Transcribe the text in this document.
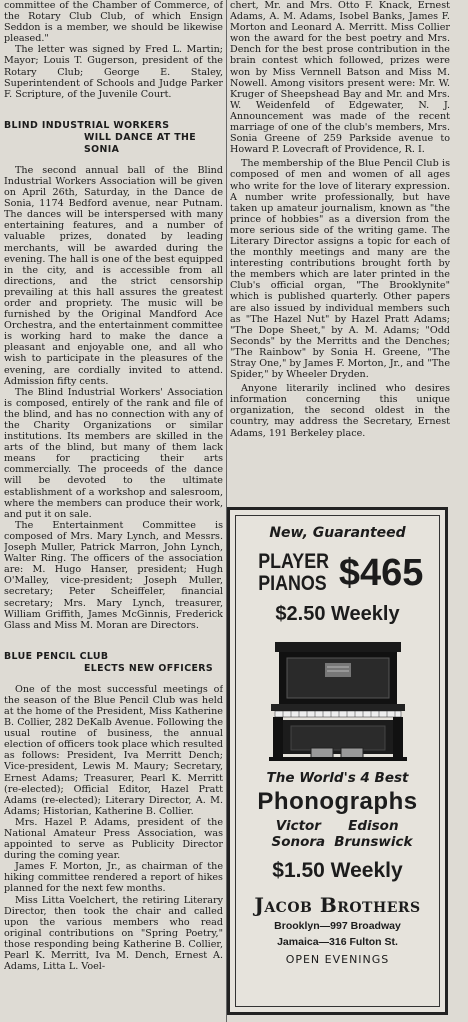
committee of the Chamber of Commerce, of the Rotary Club Club, of which Ensign Seddon is a member, we should be likewise pleased."

The letter was signed by Fred L. Martin; Mayor; Louis T. Gugerson, president of the Rotary Club; George E. Staley, Superintendent of Schools and Judge Parker F. Scripture, of the Juvenile Court.

BLIND INDUSTRIAL WORKERS
WILL DANCE AT THE SONIA

The second annual ball of the Blind Industrial Workers Association will be given on April 26th, Saturday, in the Dance de Sonia, 1174 Bedford avenue, near Putnam. The dances will be interspersed with many entertaining features, and a number of valuable prizes, donated by leading merchants, will be awarded during the evening. The hall is one of the best equipped in the city, and is accessible from all directions, and the strict censorship prevailing at this hall assures the greatest order and propriety. The music will be furnished by the Original Mandford Ace Orchestra, and the entertainment committee is working hard to make the dance a pleasant and enjoyable one, and all who wish to participate in the pleasures of the evening, are cordially invited to attend. Admission fifty cents.

The Blind Industrial Workers' Association is composed, entirely of the rank and file of the blind, and has no connection with any of the Charity Organizations or similar institutions. Its members are skilled in the arts of the blind, but many of them lack means for practicing their arts commercially. The proceeds of the dance will be devoted to the ultimate establishment of a workshop and salesroom, where the members can produce their work, and put it on sale.

The Entertainment Committee is composed of Mrs. Mary Lynch, and Messrs. Joseph Muller, Patrick Marron, John Lynch, Walter Ring. The officers of the association are: M. Hugo Hanser, president; Hugh O'Malley, vice-president; Joseph Muller, secretary; Peter Scheiffeler, financial secretary; Mrs. Mary Lynch, treasurer, William Griffith, James McGinnis, Frederick Glass and Miss M. Moran are Directors.

BLUE PENCIL CLUB
ELECTS NEW OFFICERS

One of the most successful meetings of the season of the Blue Pencil Club was held at the home of the President, Miss Katherine B. Collier, 282 DeKalb Avenue. Following the usual routine of business, the annual election of officers took place which resulted as follows: President, Iva Merritt Dench; Vice-president, Lewis M. Maury; Secretary, Ernest Adams; Treasurer, Pearl K. Merritt (re-elected); Official Editor, Hazel Pratt Adams (re-elected); Literary Director, A. M. Adams; Historian, Katherine B. Collier.

Mrs. Hazel P. Adams, president of the National Amateur Press Association, was appointed to serve as Publicity Director during the coming year.

James F. Morton, Jr., as chairman of the hiking committee rendered a report of hikes planned for the next few months.

Miss Litta Voelchert, the retiring Literary Director, then took the chair and called upon the various members who read original contributions on "Spring Poetry," those responding being Katherine B. Collier, Pearl K. Merritt, Iva M. Dench, Ernest A. Adams, Litta L. Voel-

chert, Mr. and Mrs. Otto F. Knack, Ernest Adams, A. M. Adams, Isobel Banks, James F. Morton and Leonard A. Merritt. Miss Collier won the award for the best poetry and Mrs. Dench for the best prose contribution in the brain contest which followed, prizes were won by Miss Vernnell Batson and Miss M. Nowell. Among visitors present were: Mr. W. Kruger of Sheepshead Bay and Mr. and Mrs. W. Weidenfeld of Edgewater, N. J. Announcement was made of the recent marriage of one of the club's members, Mrs. Sonia Greene of 259 Parkside avenue to Howard P. Lovecraft of Providence, R. I.

The membership of the Blue Pencil Club is composed of men and women of all ages who write for the love of literary expression. A number write professionally, but have taken up amateur journalism, known as "the prince of hobbies" as a diversion from the more serious side of the writing game. The Literary Director assigns a topic for each of the monthly meetings and many are the interesting contributions brought forth by the members which are later printed in the Club's official organ, "The Brooklynite" which is published quarterly. Other papers are also issued by individual members such as "The Hazel Nut" by Hazel Pratt Adams; "The Dope Sheet," by A. M. Adams; "Odd Seconds" by the Merritts and the Denches; "The Rainbow" by Sonia H. Greene, "The Stray One," by James F. Morton, Jr., and "The Spider," by Wheeler Dryden.

Anyone literarily inclined who desires information concerning this unique organization, the second oldest in the country, may address the Secretary, Ernest Adams, 191 Berkeley place.

New, Guaranteed
PLAYER
PIANOS $465
$2.50 Weekly
The World's 4 Best
Phonographs
Victor	Edison
Sonora Brunswick
$1.50 Weekly
Jacob Brothers
Brooklyn—997 Broadway
Jamaica—316 Fulton St.
OPEN EVENINGS
